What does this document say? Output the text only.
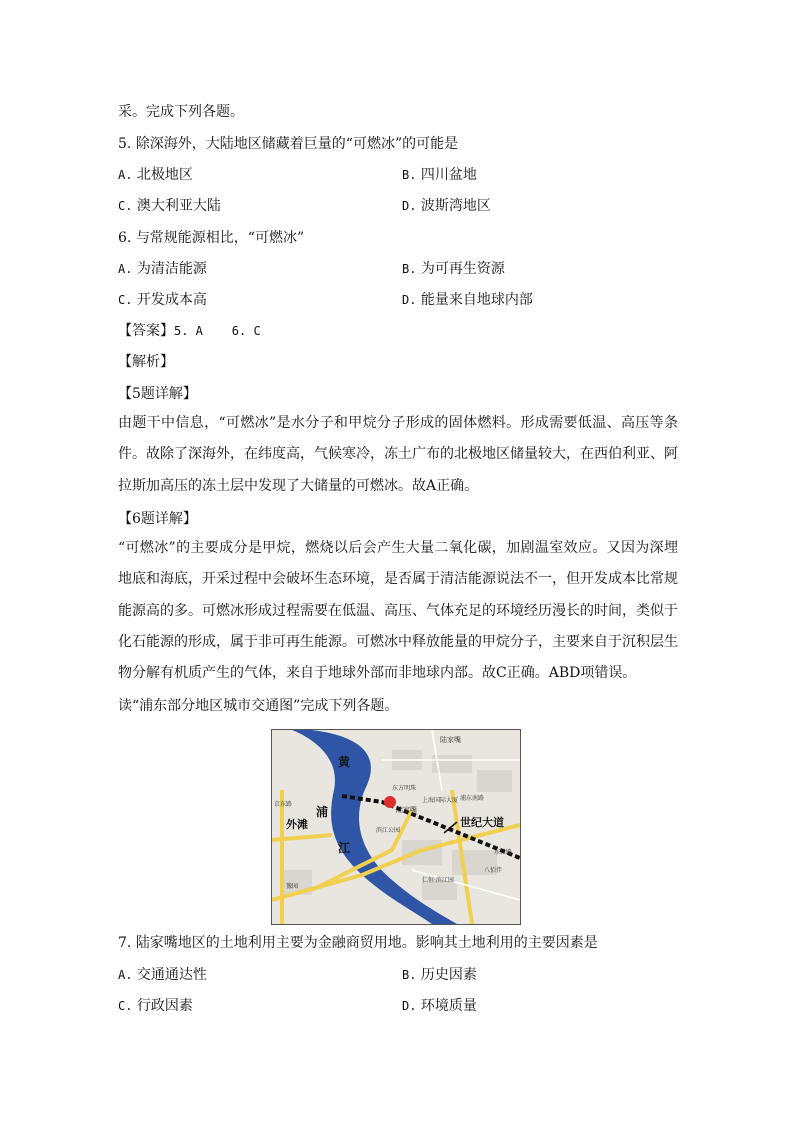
采。完成下列各题。
5. 除深海外，大陆地区储藏着巨量的“可燃冰”的可能是
A. 北极地区	B. 四川盆地
C. 澳大利亚大陆	D. 波斯湾地区
6. 与常规能源相比，“可燃冰”
A. 为清洁能源	B. 为可再生资源
C. 开发成本高	D. 能量来自地球内部
【答案】5. A    6. C
【解析】
【5题详解】
由题干中信息，“可燃冰”是水分子和甲烷分子形成的固体燃料。形成需要低温、高压等条件。故除了深海外，在纬度高，气候寒冷，冻土广布的北极地区储量较大，在西伯利亚、阿拉斯加高压的冻土层中发现了大储量的可燃冰。故A正确。
【6题详解】
“可燃冰”的主要成分是甲烷，燃烧以后会产生大量二氧化碳，加剧温室效应。又因为深埋地底和海底，开采过程中会破坏生态环境，是否属于清洁能源说法不一，但开发成本比常规能源高的多。可燃冰形成过程需要在低温、高压、气体充足的环境经历漫长的时间，类似于化石能源的形成，属于非可再生能源。可燃冰中释放能量的甲烷分子，主要来自于沉积层生物分解有机质产生的气体，来自于地球外部而非地球内部。故C正确。ABD项错误。
读“浦东部分地区城市交通图”完成下列各题。
黄
浦
江
外滩	世纪大道
陆家嘴
陆家嘴
东方明珠
滨江公园
上海国际大厦 浦东南路
京东路
豫园
仁恒·滨江园
八佰伴
东昌路
7. 陆家嘴地区的土地利用主要为金融商贸用地。影响其土地利用的主要因素是
A. 交通通达性	B. 历史因素
C. 行政因素	D. 环境质量
